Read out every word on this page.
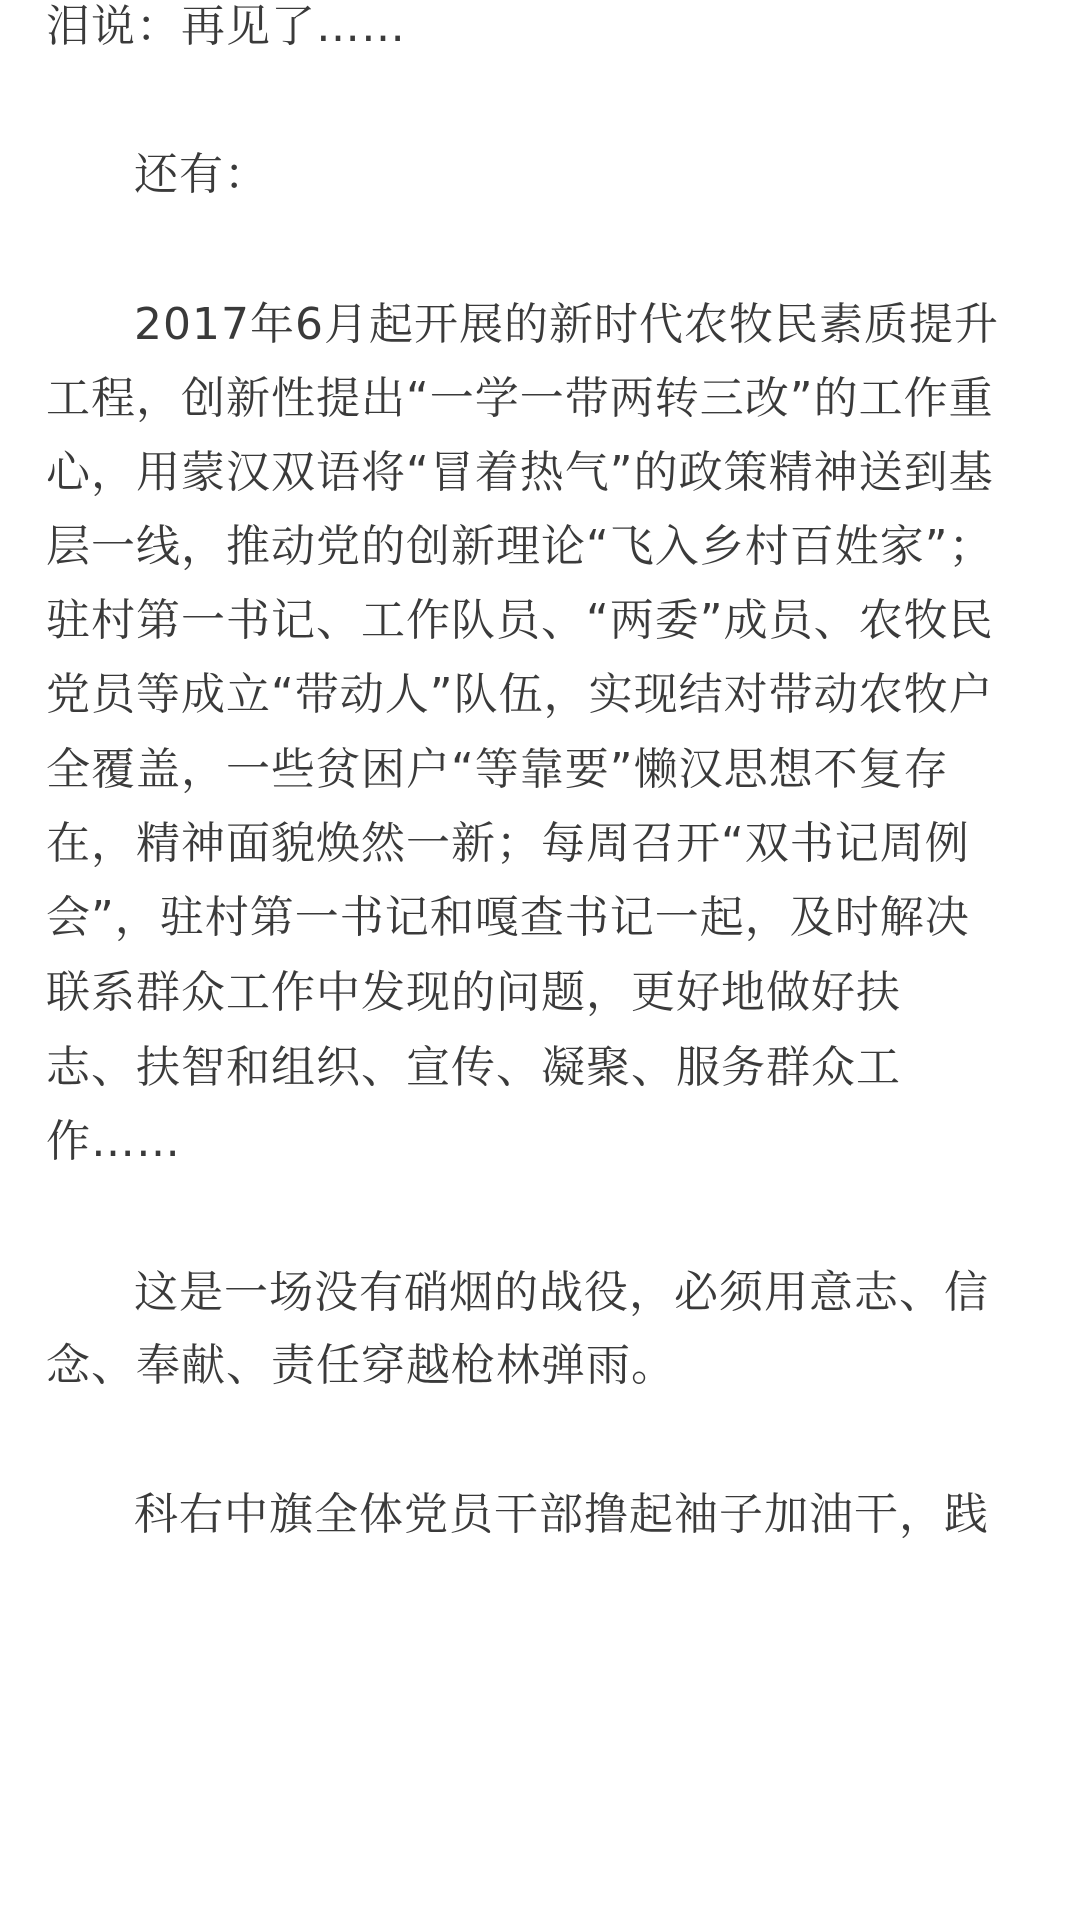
泪说：再见了……
还有：
2017年6月起开展的新时代农牧民素质提升
工程，创新性提出“一学一带两转三改”的工作重
心，用蒙汉双语将“冒着热气”的政策精神送到基
层一线，推动党的创新理论“飞入乡村百姓家”；
驻村第一书记、工作队员、“两委”成员、农牧民
党员等成立“带动人”队伍，实现结对带动农牧户
全覆盖，一些贫困户“等靠要”懒汉思想不复存
在，精神面貌焕然一新；每周召开“双书记周例
会”，驻村第一书记和嘎查书记一起，及时解决
联系群众工作中发现的问题，更好地做好扶
志、扶智和组织、宣传、凝聚、服务群众工
作……
这是一场没有硝烟的战役，必须用意志、信
念、奉献、责任穿越枪林弹雨。
科右中旗全体党员干部撸起袖子加油干，践
